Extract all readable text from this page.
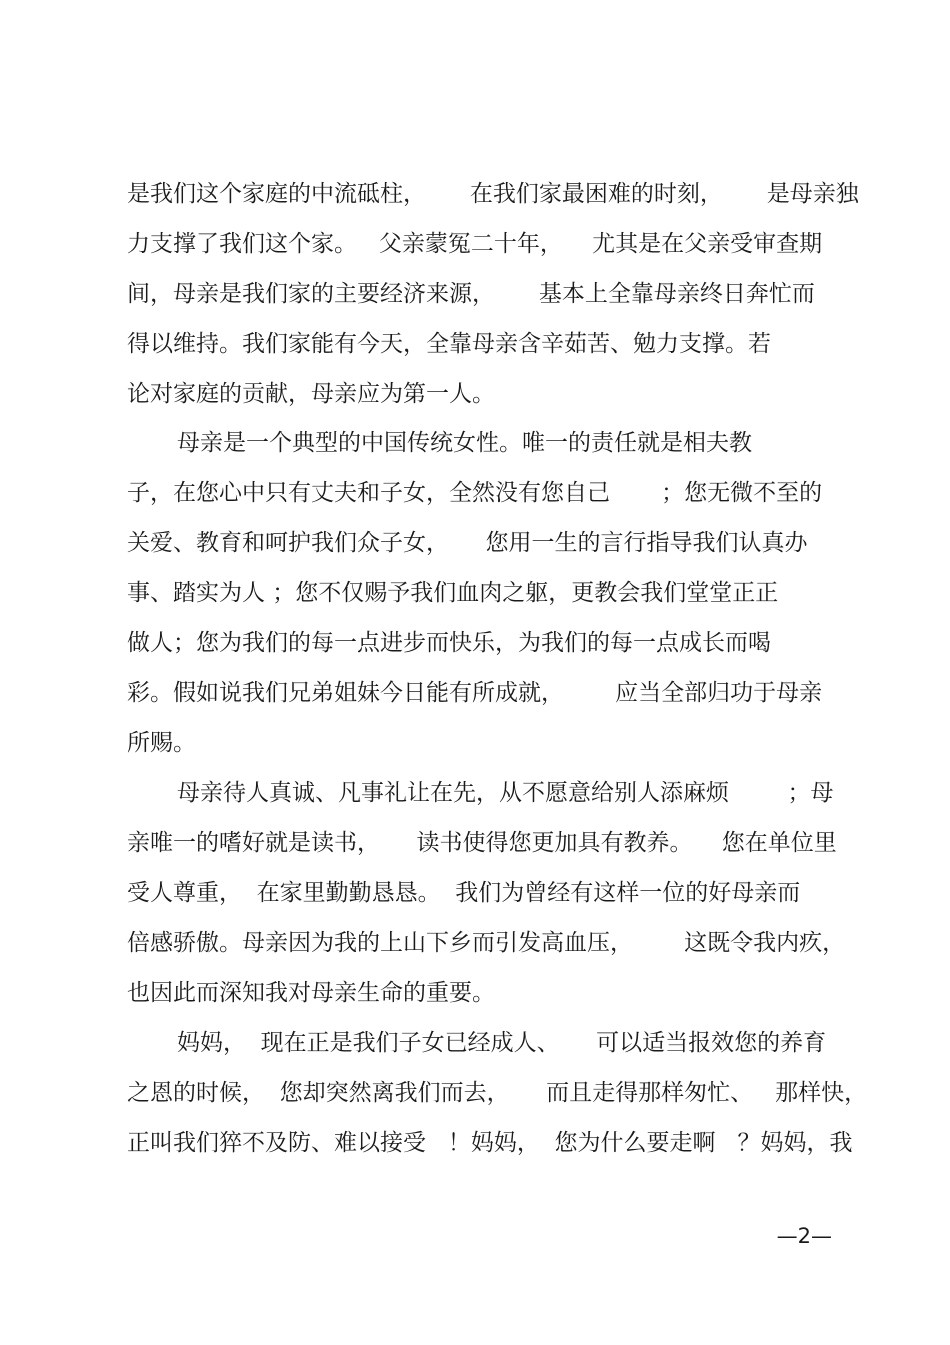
是我们这个家庭的中流砥柱，      在我们家最困难的时刻，      是母亲独
力支撑了我们这个家。   父亲蒙冤二十年，    尤其是在父亲受审查期
间，母亲是我们家的主要经济来源，      基本上全靠母亲终日奔忙而
得以维持。我们家能有今天，全靠母亲含辛茹苦、勉力支撑。若
论对家庭的贡献，母亲应为第一人。
母亲是一个典型的中国传统女性。唯一的责任就是相夫教
子，在您心中只有丈夫和子女，全然没有您自己       ；您无微不至的
关爱、教育和呵护我们众子女，     您用一生的言行指导我们认真办
事、踏实为人 ；您不仅赐予我们血肉之躯，更教会我们堂堂正正
做人；您为我们的每一点进步而快乐，为我们的每一点成长而喝
彩。假如说我们兄弟姐妹今日能有所成就，       应当全部归功于母亲
所赐。
母亲待人真诚、凡事礼让在先，从不愿意给别人添麻烦        ；母
亲唯一的嗜好就是读书，     读书使得您更加具有教养。    您在单位里
受人尊重，  在家里勤勤恳恳。  我们为曾经有这样一位的好母亲而
倍感骄傲。母亲因为我的上山下乡而引发高血压，       这既令我内疚，
也因此而深知我对母亲生命的重要。
妈妈，  现在正是我们子女已经成人、     可以适当报效您的养育
之恩的时候，  您却突然离我们而去，     而且走得那样匆忙、   那样快，
正叫我们猝不及防、难以接受   ！妈妈，  您为什么要走啊   ？妈妈，我
—2—
